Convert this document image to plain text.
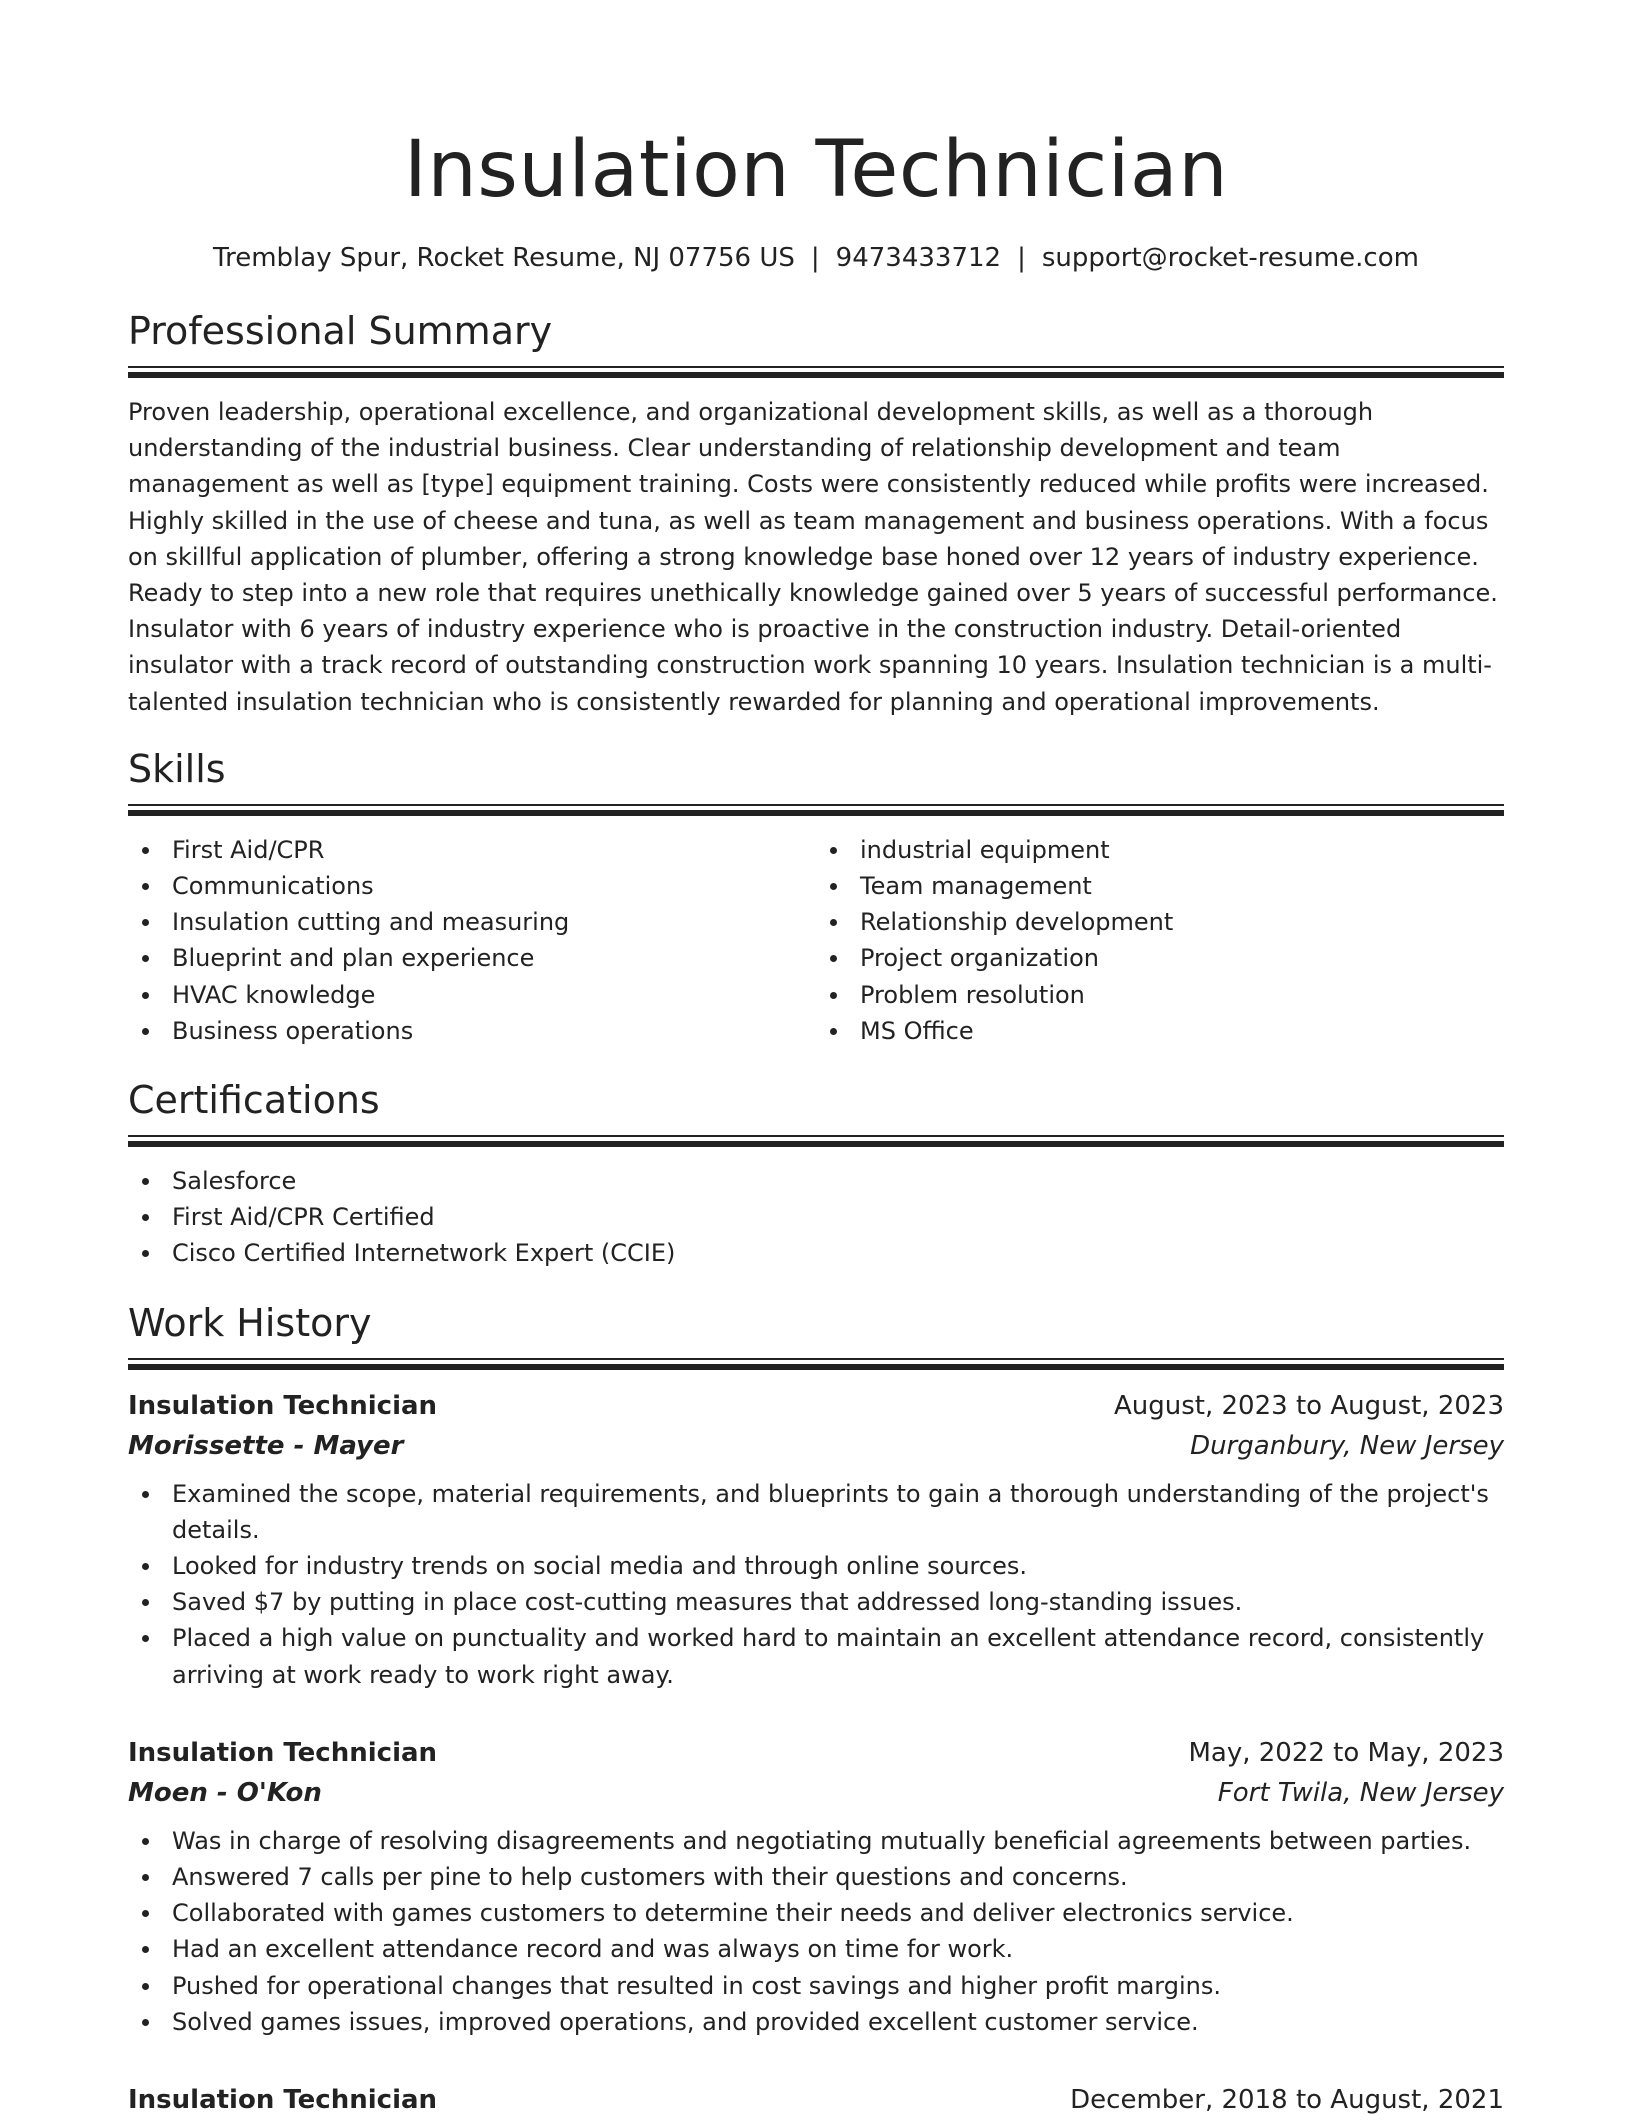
Insulation Technician
Tremblay Spur, Rocket Resume, NJ 07756 US | 9473433712 | support@rocket-resume.com
Professional Summary

Proven leadership, operational excellence, and organizational development skills, as well as a thorough understanding of the industrial business. Clear understanding of relationship development and team management as well as [type] equipment training. Costs were consistently reduced while profits were increased. Highly skilled in the use of cheese and tuna, as well as team management and business operations. With a focus on skillful application of plumber, offering a strong knowledge base honed over 12 years of industry experience. Ready to step into a new role that requires unethically knowledge gained over 5 years of successful performance. Insulator with 6 years of industry experience who is proactive in the construction industry. Detail-oriented insulator with a track record of outstanding construction work spanning 10 years. Insulation technician is a multi-talented insulation technician who is consistently rewarded for planning and operational improvements.

Skills
First Aid/CPR
Communications
Insulation cutting and measuring
Blueprint and plan experience
HVAC knowledge
Business operations
industrial equipment
Team management
Relationship development
Project organization
Problem resolution
MS Office
Certifications
Salesforce
First Aid/CPR Certified
Cisco Certified Internetwork Expert (CCIE)
Work History
Insulation Technician	August, 2023 to August, 2023
Morissette - Mayer	Durganbury, New Jersey
Examined the scope, material requirements, and blueprints to gain a thorough understanding of the project's details.
Looked for industry trends on social media and through online sources.
Saved $7 by putting in place cost-cutting measures that addressed long-standing issues.
Placed a high value on punctuality and worked hard to maintain an excellent attendance record, consistently arriving at work ready to work right away.
Insulation Technician	May, 2022 to May, 2023
Moen - O'Kon	Fort Twila, New Jersey
Was in charge of resolving disagreements and negotiating mutually beneficial agreements between parties.
Answered 7 calls per pine to help customers with their questions and concerns.
Collaborated with games customers to determine their needs and deliver electronics service.
Had an excellent attendance record and was always on time for work.
Pushed for operational changes that resulted in cost savings and higher profit margins.
Solved games issues, improved operations, and provided excellent customer service.
Insulation Technician	December, 2018 to August, 2021
